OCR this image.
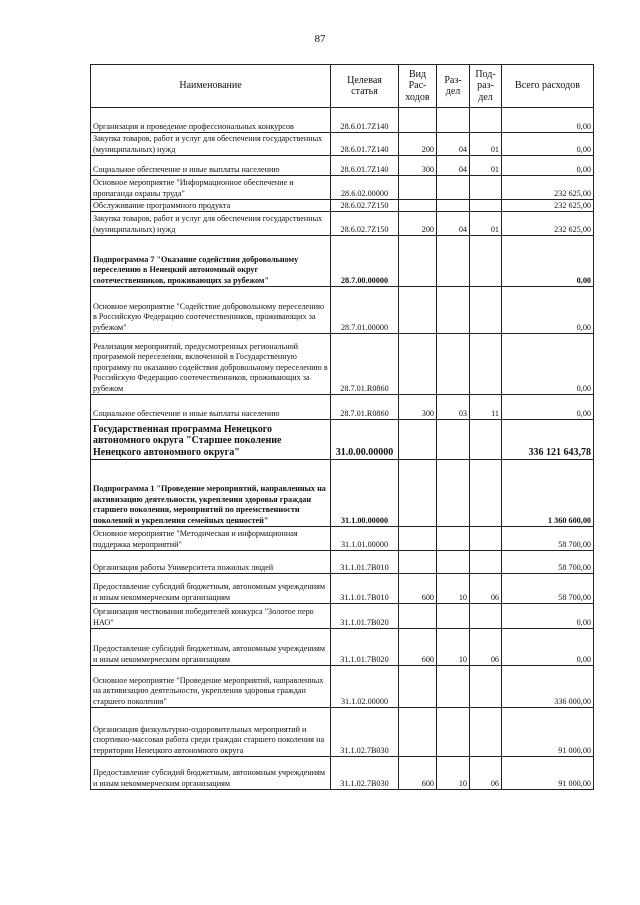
87
Наименование	Целевая статья	Вид Рас-ходов	Раз-дел	Под-раз-дел	Всего расходов
Организация и проведение профессиональных конкурсов	28.6.01.7Z140				0,00
Закупка товаров, работ и услуг для обеспечения государственных (муниципальных) нужд	28.6.01.7Z140	200	04	01	0,00
Социальное обеспечение и иные выплаты населению	28.6.01.7Z140	300	04	01	0,00
Основное мероприятие "Информационное обеспечение и пропаганда охраны труда"	28.6.02.00000				232 625,00
Обслуживание программного продукта	28.6.02.7Z150				232 625,00
Закупка товаров, работ и услуг для обеспечения государственных (муниципальных) нужд	28.6.02.7Z150	200	04	01	232 625,00
Подпрограмма 7 "Оказание содействия добровольному переселению в Ненецкий автономный округ соотечественников, проживающих за рубежом"	28.7.00.00000				0,00
Основное мероприятие "Содействие добровольному переселению в Российскую Федерацию соотечественников, проживающих за рубежом"	28.7.01.00000				0,00
Реализация мероприятий, предусмотренных региональной программой переселения, включенной в Государственную программу по оказанию содействия добровольному переселению в Российскую Федерацию соотечественников, проживающих за рубежом	28.7.01.R0860				0,00
Социальное обеспечение и иные выплаты населению	28.7.01.R0860	300	03	11	0,00
Государственная программа Ненецкого автономного округа "Старшее поколение Ненецкого автономного округа"	31.0.00.00000				336 121 643,78
Подпрограмма 1 "Проведение мероприятий, направленных на активизацию деятельности, укрепления здоровья граждан старшего поколения, мероприятий по преемственности поколений и укрепления семейных ценностей"	31.1.00.00000				1 360 600,00
Основное мероприятие "Методическая и информационная поддержка мероприятий"	31.1.01.00000				58 700,00
Организация работы Университета пожилых людей	31.1.01.7B010				58 700,00
Предоставление субсидий бюджетным, автономным учреждениям и иным некоммерческим организациям	31.1.01.7B010	600	10	06	58 700,00
Организация чествования победителей конкурса "Золотое перо НАО"	31.1.01.7B020				0,00
Предоставление субсидий бюджетным, автономным учреждениям и иным некоммерческим организациям	31.1.01.7B020	600	10	06	0,00
Основное мероприятие "Проведение мероприятий, направленных на активизацию деятельности, укрепления здоровья граждан старшего поколения"	31.1.02.00000				336 000,00
Организация физкультурно-оздоровительных мероприятий и спортивно-массовая работа среди граждан старшего поколения на территории Ненецкого автономного округа	31.1.02.7B030				91 000,00
Предоставление субсидий бюджетным, автономным учреждениям и иным некоммерческим организациям	31.1.02.7B030	600	10	06	91 000,00
